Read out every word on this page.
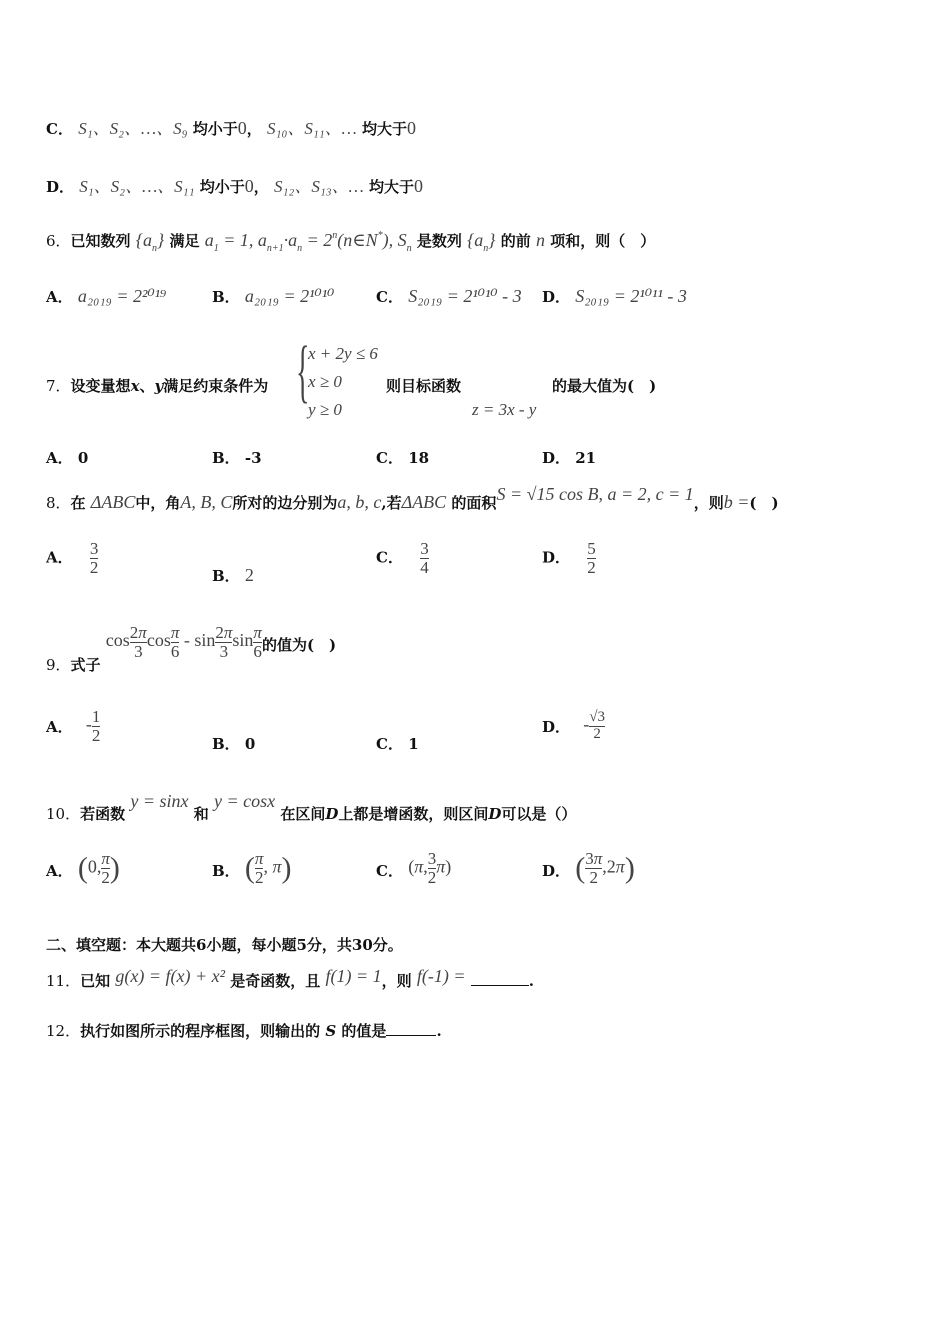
C． S₁、S₂、…、S₉ 均小于0， S₁₀、S₁₁、… 均大于0
D． S₁、S₂、…、S₁₁ 均小于0， S₁₂、S₁₃、… 均大于0
6．已知数列 $\{a_n\}$ 满足 $a_1 = 1$, $a_{n+1}\cdot a_n$ = $2^n(n\in N^*)$, $S_n$ 是数列 $\{a_n\}$ 的前 n 项和，则（　）
A． a₂₀₁₉ = 2²⁰¹⁹	B． a₂₀₁₉ = 2¹⁰¹⁰	C． S₂₀₁₉ = 2¹⁰¹⁰ - 3 D． S₂₀₁₉ = 2¹⁰¹¹ - 3
7．设变量想x、y满足约束条件为 {
x + 2y ≤ 6
x ≥ 0
y ≥ 0
则目标函数	的最大值为(　)
z = 3x - y
A． 0	B． -3	C． 18	D． 21
8．在 ΔABC中，角A, B, C所对的边分别为a, b, c,若ΔABC 的面积S = √15 cos B, a = 2, c = 1，则b =(　)
A． $\frac{3}{2}$	B． 2
C． $\frac{3}{4}$	D． $\frac{5}{2}$
9．式子 $\cos \frac{2\pi}{3}$ $\cos \frac{\pi}{6}$ - $\sin \frac{2\pi}{3}$ $\sin \frac{\pi}{6}$ 的值为(　)
A． - $\frac{1}{2}$	B． 0	C． 1
D． - $\frac{√3}{2}$
10．若函数 y = sinx 和 y = cosx 在区间D上都是增函数，则区间D可以是（）
A． (0, $\frac{\pi}{2}$ )	B． ( $\frac{\pi}{2}$ , π)	C． (π, $\frac{3}{2} \pi$)	D． ( $\frac{3\pi}{2} ,2\pi$)
二、填空题：本大题共6小题，每小题5分，共30分。
11．已知 g(x) = f(x) + x² 是奇函数，且 f(1) = 1，则 f(-1) =	.
12．执行如图所示的程序框图，则输出的 S 的值是	.
